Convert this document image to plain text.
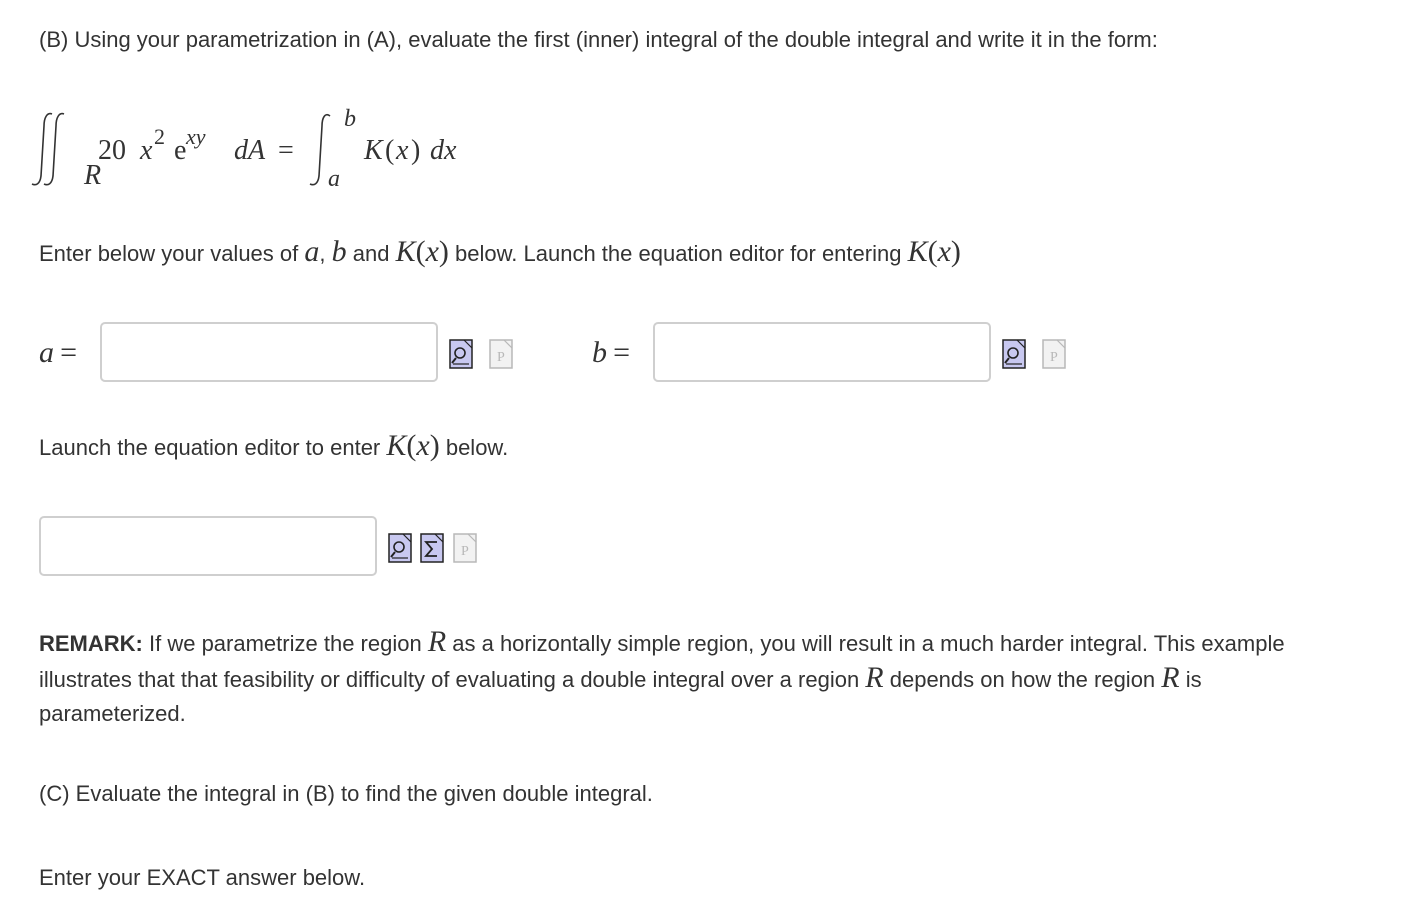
(B) Using your parametrization in (A), evaluate the first (inner) integral of the double integral and write it in the form:
R
20 x 2 e xy dA =
b
a
K ( x ) dx
Enter below your values of a, b and K(x) below. Launch the equation editor for entering K(x)
a =	P	b =	P
Launch the equation editor to enter K(x) below.
P
REMARK: If we parametrize the region R as a horizontally simple region, you will result in a much harder integral. This example
illustrates that that feasibility or difficulty of evaluating a double integral over a region R depends on how the region R is
parameterized.
(C) Evaluate the integral in (B) to find the given double integral.
Enter your EXACT answer below.
